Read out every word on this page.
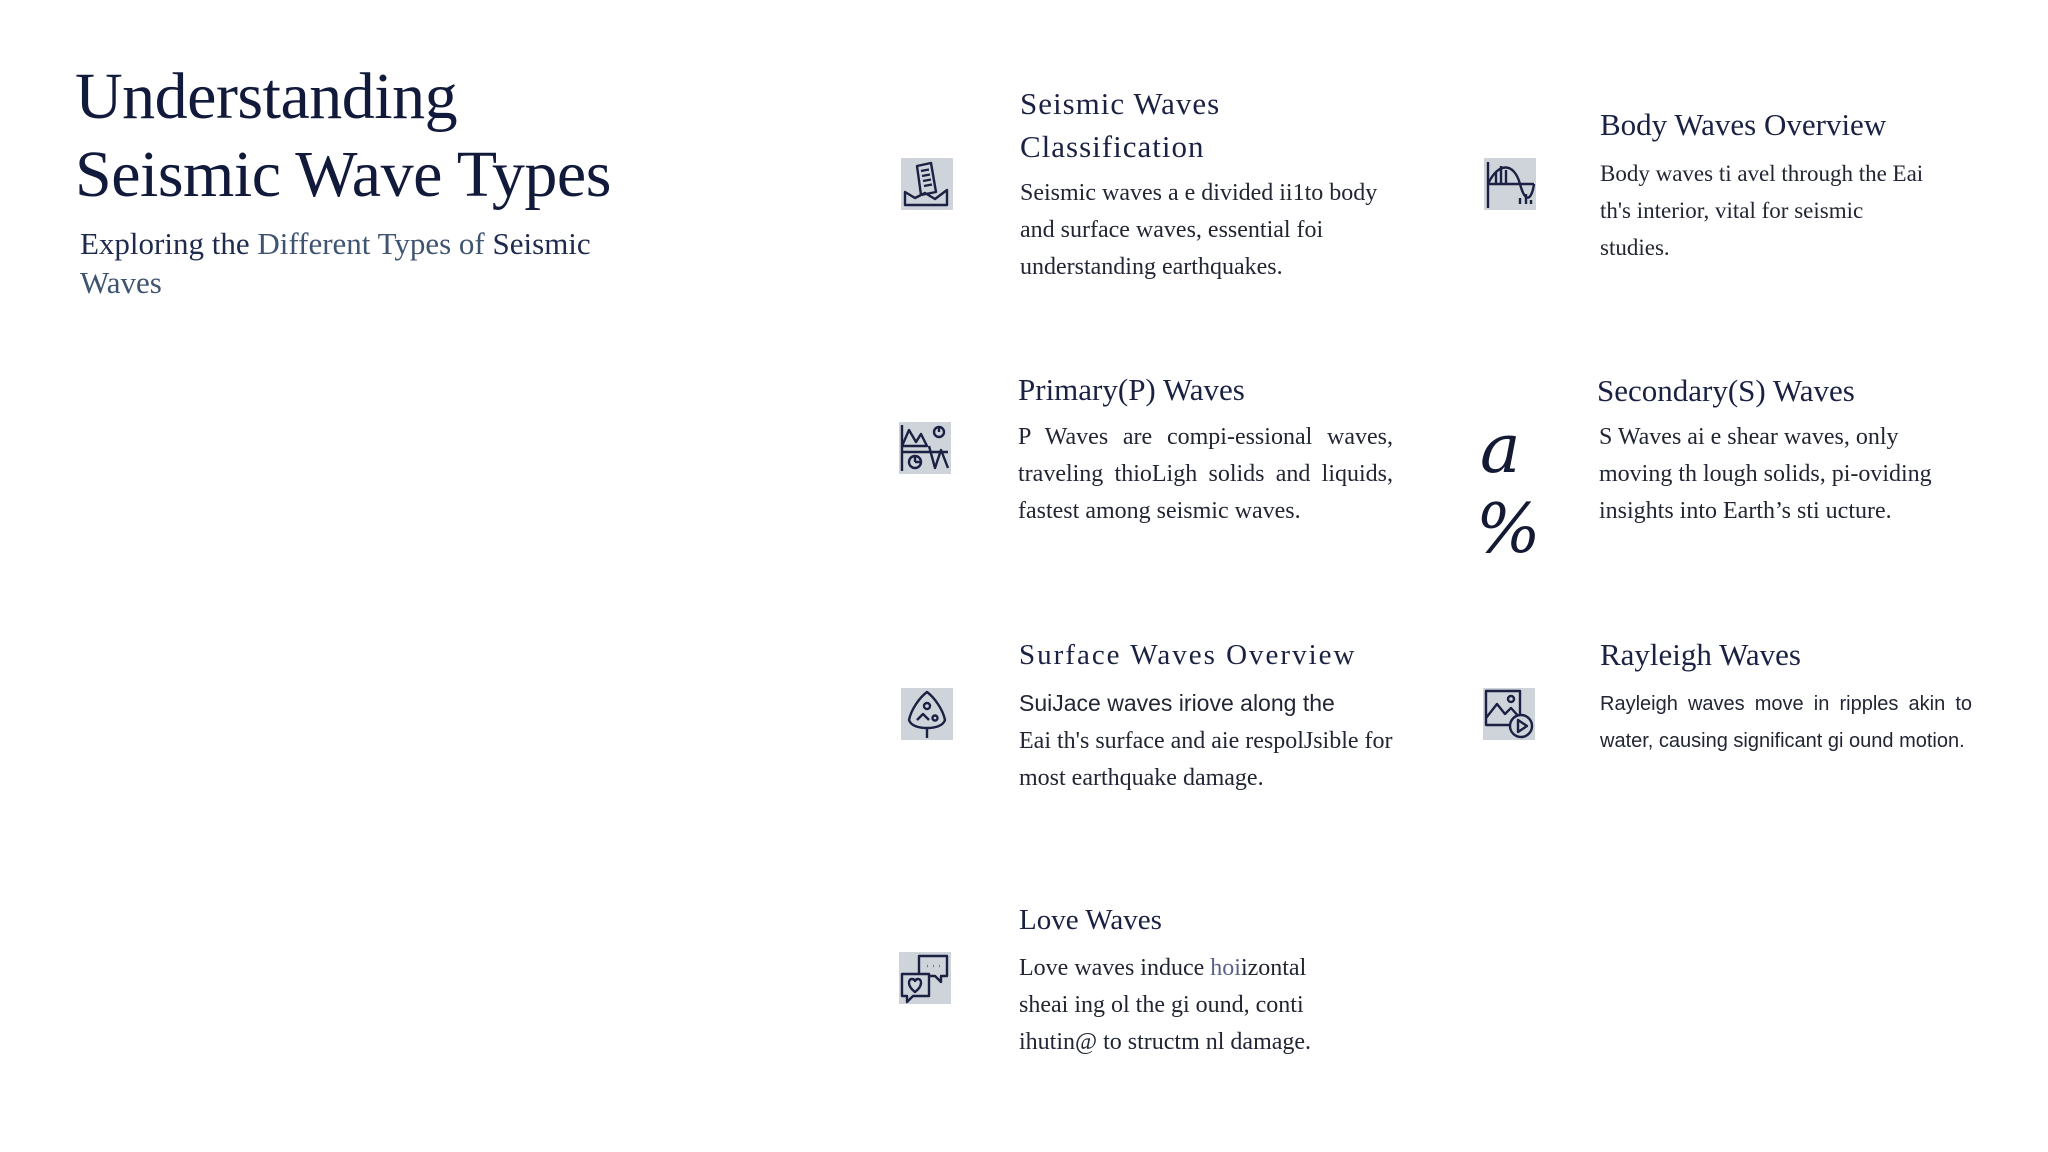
Understanding
Seismic Wave Types
Exploring the Different Types of Seismic
Waves
Seismic Waves
Classification
Seismic waves a e divided ii1to body and surface waves, essential foi understanding earthquakes.
Body Waves Overview
Body waves ti avel through the Eai th's interior, vital for seismic studies.
Primary(P) Waves
P Waves are compi-essional waves, traveling thioLigh solids and liquids, fastest among seismic waves.
a
%
Secondary(S) Waves
S Waves ai e shear waves, only moving th lough solids, pi-oviding insights into Earth’s sti ucture.
Surface Waves Overview
SuiJace waves iriove along the
Eai th's surface and aie respolJsible for most earthquake damage.
Rayleigh Waves
Rayleigh waves move in ripples akin to water, causing significant gi ound motion.
Love Waves
Love waves induce hoiizontal sheai ing ol the gi ound, conti ihutin@ to structm nl damage.
